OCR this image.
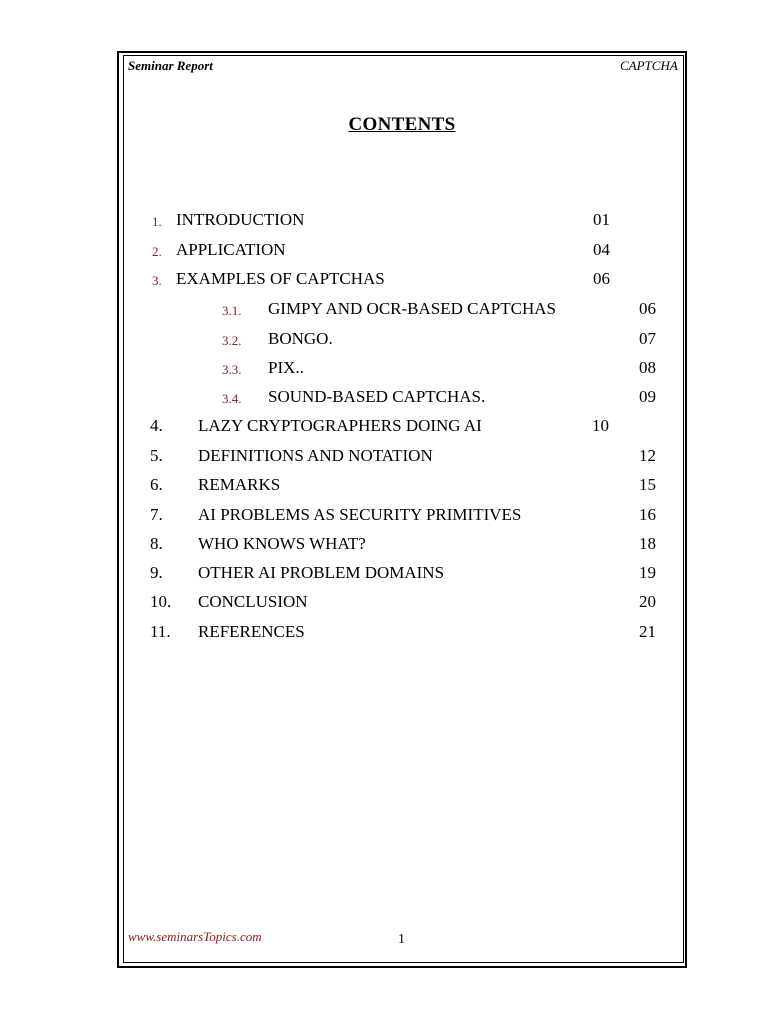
Seminar Report	CAPTCHA
CONTENTS
1. INTRODUCTION	01
2. APPLICATION	04
3. EXAMPLES OF CAPTCHAS	06
3.1. GIMPY AND OCR-BASED CAPTCHAS	06
3.2. BONGO.	07
3.3. PIX..	08
3.4. SOUND-BASED CAPTCHAS.	09
4. LAZY CRYPTOGRAPHERS DOING AI	10
5. DEFINITIONS AND NOTATION	12
6. REMARKS	15
7. AI PROBLEMS AS SECURITY PRIMITIVES	16
8. WHO KNOWS WHAT?	18
9. OTHER AI PROBLEM DOMAINS	19
10. CONCLUSION	20
11. REFERENCES	21
www.seminarsTopics.com	1
